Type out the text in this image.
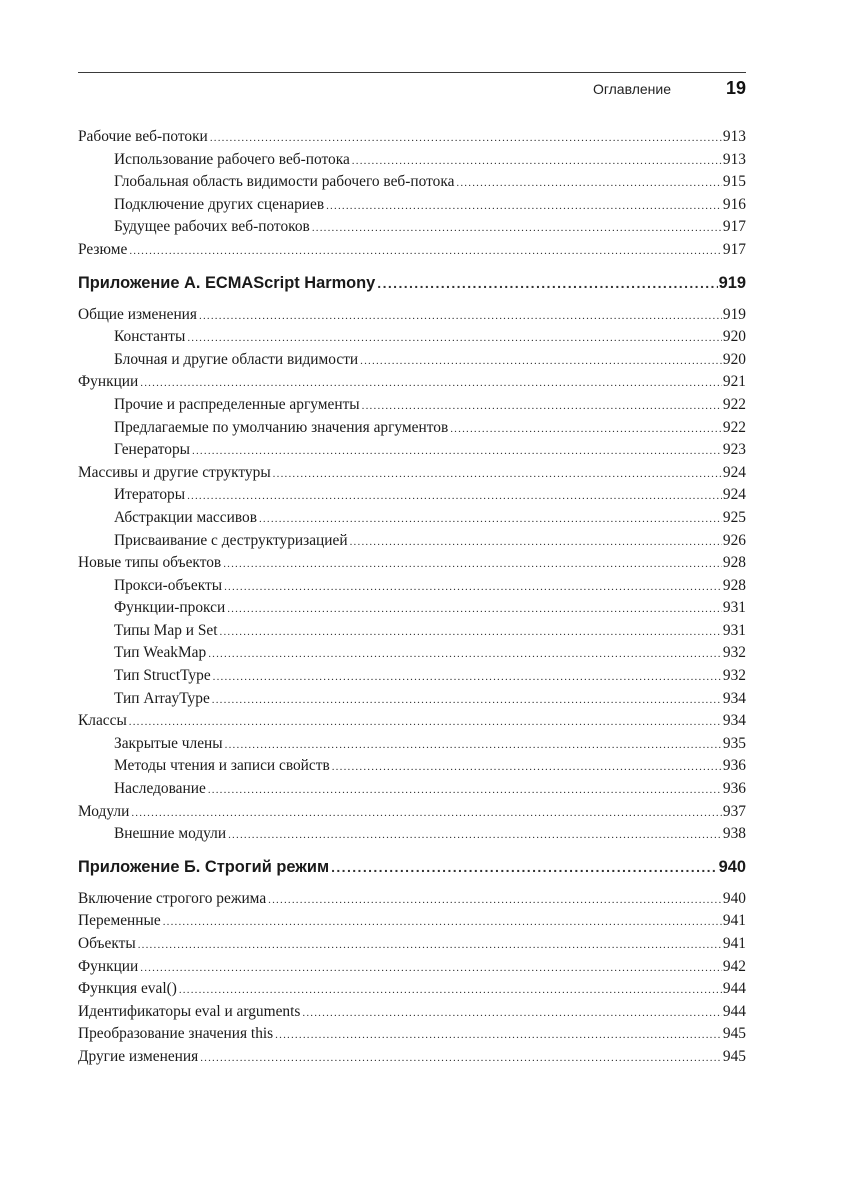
Оглавление	19
Рабочие веб-потоки .....	913
Использование рабочего веб-потока .....	913
Глобальная область видимости рабочего веб-потока .....	915
Подключение других сценариев .....	916
Будущее рабочих веб-потоков .....	917
Резюме .....	917
Приложение А. ECMAScript Harmony .....	919
Общие изменения .....	919
Константы .....	920
Блочная и другие области видимости .....	920
Функции .....	921
Прочие и распределенные аргументы .....	922
Предлагаемые по умолчанию значения аргументов .....	922
Генераторы .....	923
Массивы и другие структуры .....	924
Итераторы .....	924
Абстракции массивов .....	925
Присваивание с деструктуризацией .....	926
Новые типы объектов .....	928
Прокси-объекты .....	928
Функции-прокси .....	931
Типы Map и Set .....	931
Тип WeakMap .....	932
Тип StructType .....	932
Тип ArrayType .....	934
Классы .....	934
Закрытые члены .....	935
Методы чтения и записи свойств .....	936
Наследование .....	936
Модули .....	937
Внешние модули .....	938
Приложение Б. Строгий режим .....	940
Включение строгого режима .....	940
Переменные .....	941
Объекты .....	941
Функции .....	942
Функция eval() .....	944
Идентификаторы eval и arguments .....	944
Преобразование значения this .....	945
Другие изменения .....	945
